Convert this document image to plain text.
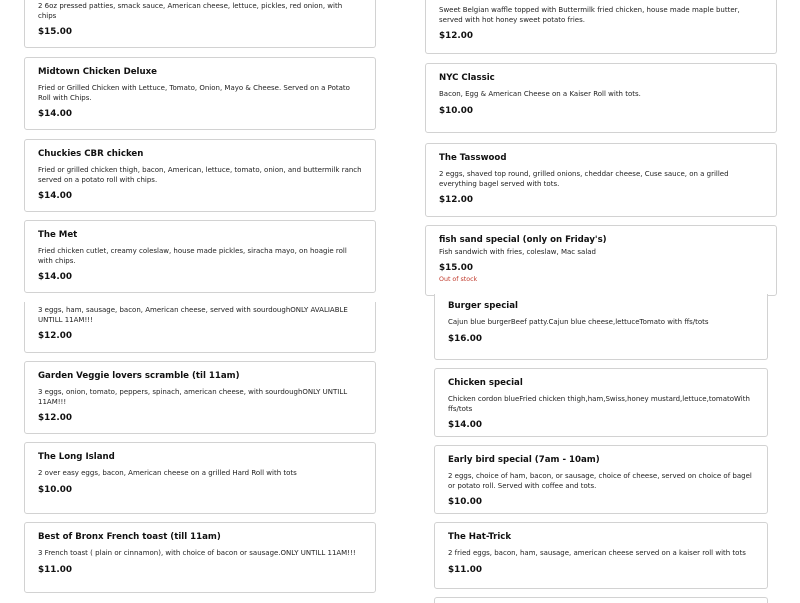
2 6oz pressed patties, smack sauce, American cheese, lettuce, pickles, red onion, with chips

$15.00

Midtown Chicken Deluxe

Fried or Grilled Chicken with Lettuce, Tomato, Onion, Mayo & Cheese. Served on a Potato Roll with Chips.

$14.00

Chuckies CBR chicken

Fried or grilled chicken thigh, bacon, American, lettuce, tomato, onion, and buttermilk ranch served on a potato roll with chips.

$14.00

The Met

Fried chicken cutlet, creamy coleslaw, house made pickles, siracha mayo, on hoagie roll with chips.

$14.00

3 eggs, ham, sausage, bacon, American cheese, served with sourdoughONLY AVALIABLE UNTILL 11AM!!!

$12.00

Garden Veggie lovers scramble (til 11am)

3 eggs, onion, tomato, peppers, spinach, american cheese, with sourdoughONLY UNTILL 11AM!!!

$12.00

The Long Island

2 over easy eggs, bacon, American cheese on a grilled Hard Roll with tots

$10.00

Best of Bronx French toast (till 11am)

3 French toast ( plain or cinnamon), with choice of bacon or sausage.ONLY UNTILL 11AM!!!

$11.00

Sweet Belgian waffle topped with Buttermilk fried chicken, house made maple butter, served with hot honey sweet potato fries.

$12.00

NYC Classic

Bacon, Egg & American Cheese on a Kaiser Roll with tots.

$10.00

The Tasswood

2 eggs, shaved top round, grilled onions, cheddar cheese, Cuse sauce, on a grilled everything bagel served with tots.

$12.00

fish sand special (only on Friday's)

Fish sandwich with fries, coleslaw, Mac salad

$15.00

Out of stock

Burger special

Cajun blue burgerBeef patty.Cajun blue cheese,lettuceTomato with ffs/tots

$16.00

Chicken special

Chicken cordon blueFried chicken thigh,ham,Swiss,honey mustard,lettuce,tomatoWith ffs/tots

$14.00

Early bird special (7am - 10am)

2 eggs, choice of ham, bacon, or sausage, choice of cheese, served on choice of bagel or potato roll. Served with coffee and tots.

$10.00

The Hat-Trick

2 fried eggs, bacon, ham, sausage, american cheese served on a kaiser roll with tots

$11.00
